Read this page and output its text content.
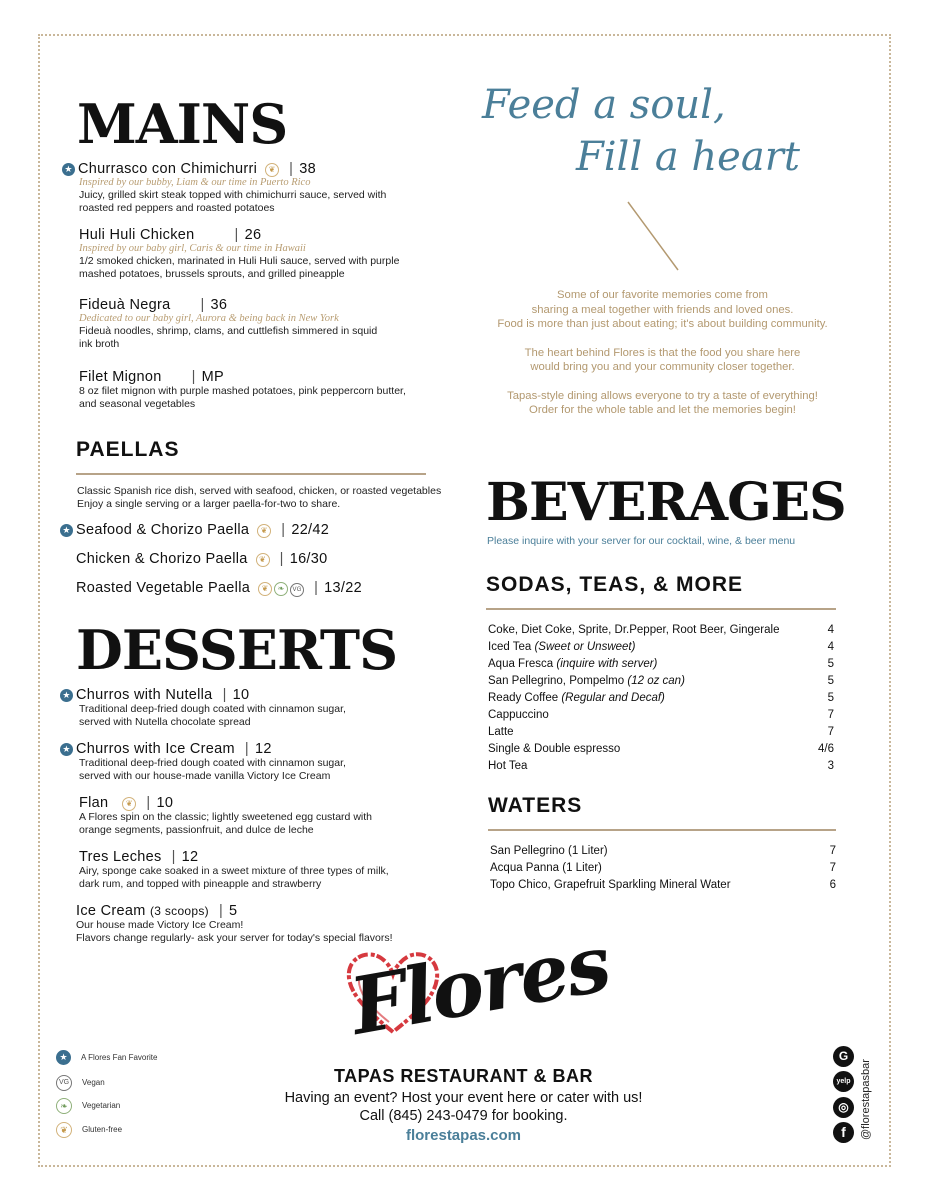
MAINS
★ Churrasco con Chimichurri ❦ | 38
Inspired by our bubby, Liam & our time in Puerto Rico
Juicy, grilled skirt steak topped with chimichurri sauce, served with roasted red peppers and roasted potatoes
Huli Huli Chicken	| 26
Inspired by our baby girl, Caris & our time in Hawaii
1/2 smoked chicken, marinated in Huli Huli sauce, served with purple mashed potatoes, brussels sprouts, and grilled pineapple
Fideuà Negra | 36
Dedicated to our baby girl, Aurora & being back in New York
Fideuà noodles, shrimp, clams, and cuttlefish simmered in squid ink broth
Filet Mignon | MP
8 oz filet mignon with purple mashed potatoes, pink peppercorn butter, and seasonal vegetables
PAELLAS
Classic Spanish rice dish, served with seafood, chicken, or roasted vegetables
Enjoy a single serving or a larger paella-for-two to share.
★ Seafood & Chorizo Paella ❦ | 22/42
Chicken & Chorizo Paella ❦ | 16/30
Roasted Vegetable Paella ❦ ❧ VG | 13/22
DESSERTS
★ Churros with Nutella | 10
Traditional deep-fried dough coated with cinnamon sugar, served with Nutella chocolate spread
★ Churros with Ice Cream | 12
Traditional deep-fried dough coated with cinnamon sugar, served with our house-made vanilla Victory Ice Cream
Flan ❦ | 10
A Flores spin on the classic; lightly sweetened egg custard with orange segments, passionfruit, and dulce de leche
Tres Leches | 12
Airy, sponge cake soaked in a sweet mixture of three types of milk, dark rum, and topped with pineapple and strawberry
Ice Cream (3 scoops) | 5
Our house made Victory Ice Cream!
Flavors change regularly- ask your server for today's special flavors!
Feed a soul,
Fill a heart
Some of our favorite memories come from
sharing a meal together with friends and loved ones.
Food is more than just about eating; it's about building community.
The heart behind Flores is that the food you share here
would bring you and your community closer together.
Tapas-style dining allows everyone to try a taste of everything!
Order for the whole table and let the memories begin!
BEVERAGES
Please inquire with your server for our cocktail, wine, & beer menu
SODAS, TEAS, & MORE
Coke, Diet Coke, Sprite, Dr.Pepper, Root Beer, Gingerale	4
Iced Tea (Sweet or Unsweet)	4
Aqua Fresca (inquire with server)	5
San Pellegrino, Pompelmo (12 oz can)	5
Ready Coffee (Regular and Decaf)	5
Cappuccino	7
Latte	7
Single & Double espresso	4/6
Hot Tea	3
WATERS
San Pellegrino (1 Liter)	7
Acqua Panna (1 Liter)	7
Topo Chico, Grapefruit Sparkling Mineral Water	6
Flores
TAPAS RESTAURANT & BAR
Having an event? Host your event here or cater with us!
Call (845) 243-0479 for booking.
florestapas.com
★ A Flores Fan Favorite
VG Vegan
❧ Vegetarian
❦ Gluten-free
G
yelp
◎
f	@florestapasbar
